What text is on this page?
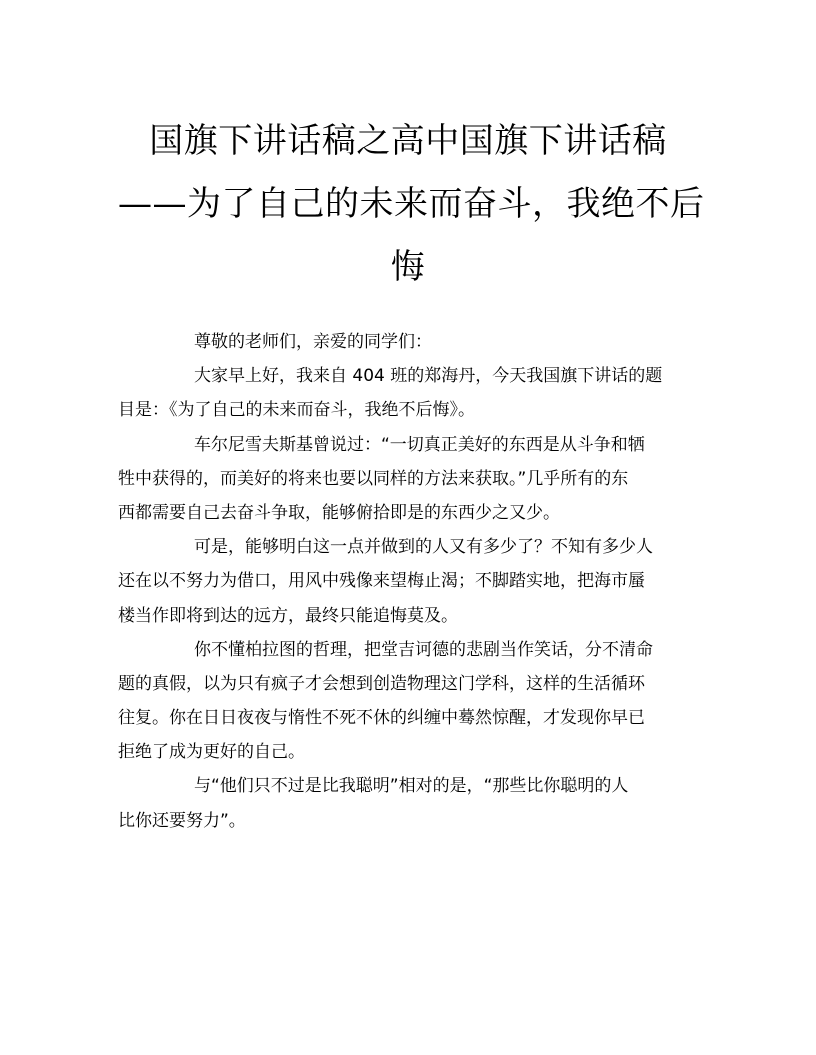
国旗下讲话稿之高中国旗下讲话稿
——为了自己的未来而奋斗，我绝不后
悔
尊敬的老师们，亲爱的同学们：
大家早上好，我来自 404 班的郑海丹，今天我国旗下讲话的题
目是：《为了自己的未来而奋斗，我绝不后悔》。
车尔尼雪夫斯基曾说过：“一切真正美好的东西是从斗争和牺
牲中获得的，而美好的将来也要以同样的方法来获取。”几乎所有的东
西都需要自己去奋斗争取，能够俯拾即是的东西少之又少。
可是，能够明白这一点并做到的人又有多少了？不知有多少人
还在以不努力为借口，用风中残像来望梅止渴；不脚踏实地，把海市蜃
楼当作即将到达的远方，最终只能追悔莫及。
你不懂柏拉图的哲理，把堂吉诃德的悲剧当作笑话，分不清命
题的真假，以为只有疯子才会想到创造物理这门学科，这样的生活循环
往复。你在日日夜夜与惰性不死不休的纠缠中蓦然惊醒，才发现你早已
拒绝了成为更好的自己。
与“他们只不过是比我聪明”相对的是，“那些比你聪明的人
比你还要努力”。
